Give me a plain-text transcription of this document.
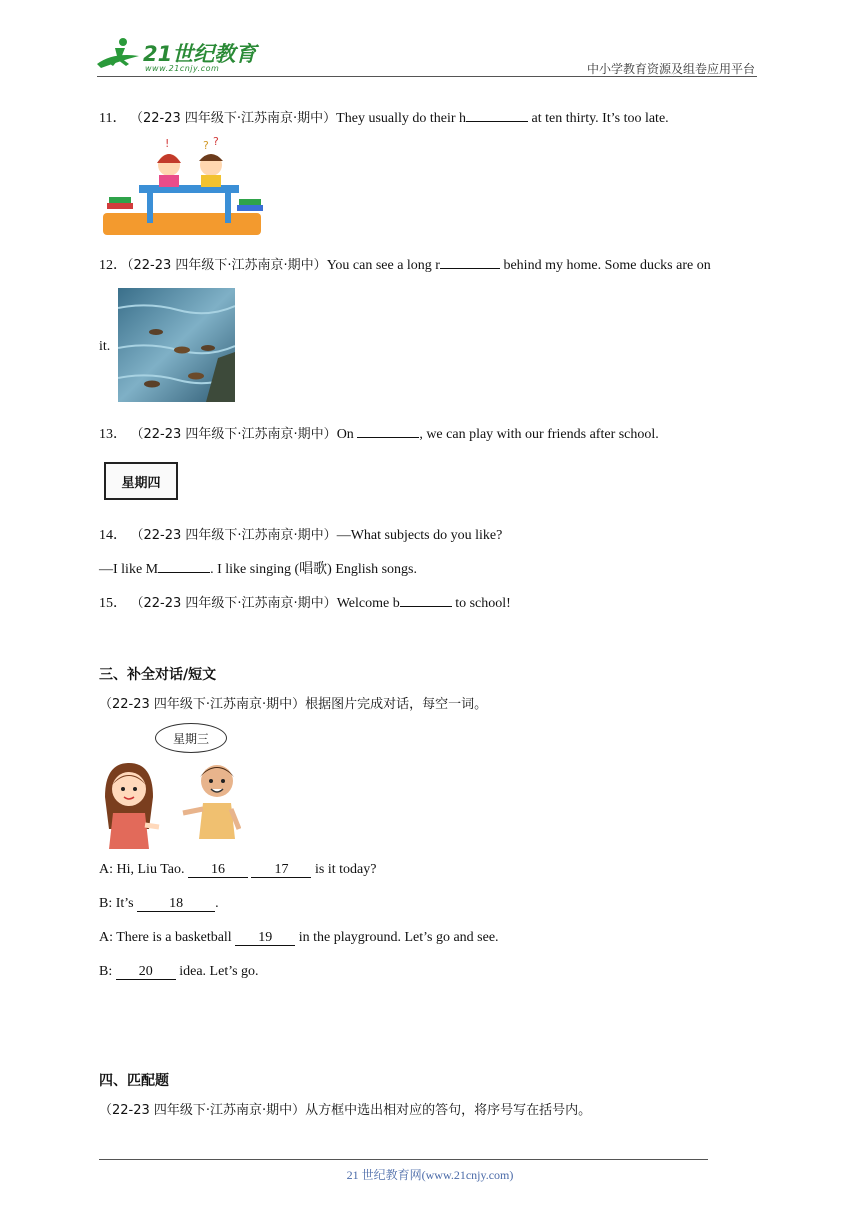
21世纪教育
www.21cnjy.com	中小学教育资源及组卷应用平台
11． （22-23 四年级下·江苏南京·期中）They usually do their h	at ten thirty. It’s too late.
!	? ?
12．（22-23 四年级下·江苏南京·期中）You can see a long r	behind my home. Some ducks are on
it.
13． （22-23 四年级下·江苏南京·期中）On	, we can play with our friends after school.
星期四
14． （22-23 四年级下·江苏南京·期中）—What subjects do you like?
—I like M	. I like singing (唱歌) English songs.
15． （22-23 四年级下·江苏南京·期中）Welcome b	to school!
三、补全对话/短文
（22-23 四年级下·江苏南京·期中）根据图片完成对话，每空一词。
星期三
A: Hi, Liu Tao. 16	17 is it today?
B: It’s 18 .
A: There is a basketball 19 in the playground. Let’s go and see.
B: 20 idea. Let’s go.
四、匹配题
（22-23 四年级下·江苏南京·期中）从方框中选出相对应的答句，将序号写在括号内。
21 世纪教育网(www.21cnjy.com)
